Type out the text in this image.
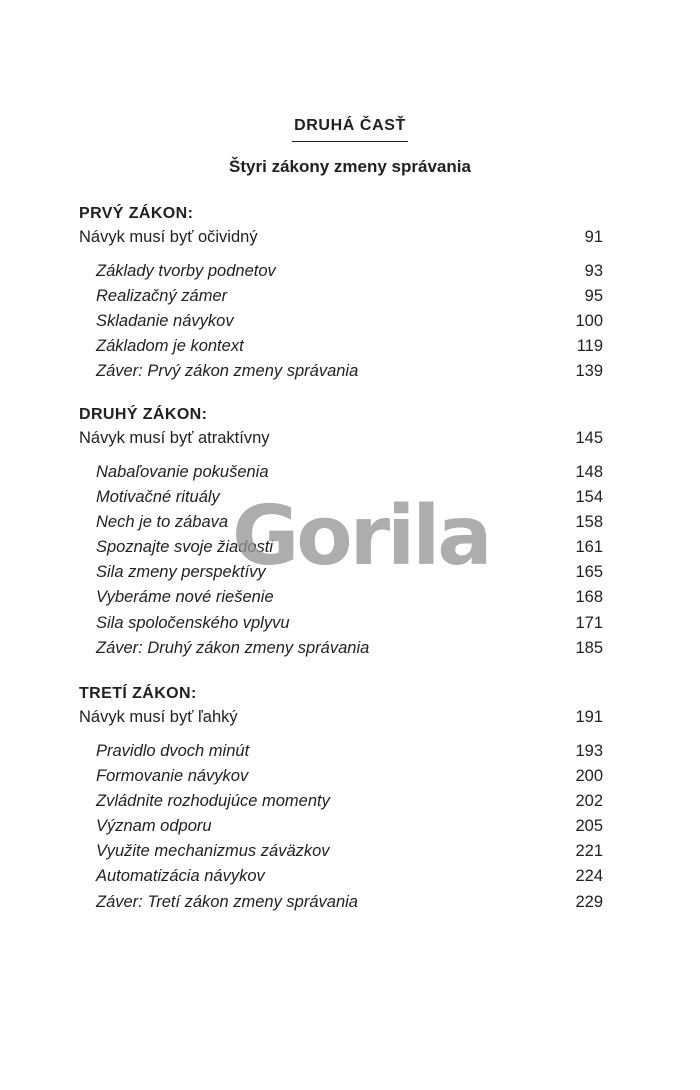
DRUHÁ ČASŤ
Štyri zákony zmeny správania
PRVÝ ZÁKON:
Návyk musí byť očividný	91
Základy tvorby podnetov	93
Realizačný zámer	95
Skladanie návykov	100
Základom je kontext	119
Záver: Prvý zákon zmeny správania	139
DRUHÝ ZÁKON:
Návyk musí byť atraktívny	145
Nabaľovanie pokušenia	148
Motivačné rituály	154
Nech je to zábava	158
Spoznajte svoje žiadosti	161
Sila zmeny perspektívy	165
Vyberáme nové riešenie	168
Sila spoločenského vplyvu	171
Záver: Druhý zákon zmeny správania	185
TRETÍ ZÁKON:
Návyk musí byť ľahký	191
Pravidlo dvoch minút	193
Formovanie návykov	200
Zvládnite rozhodujúce momenty	202
Význam odporu	205
Využite mechanizmus záväzkov	221
Automatizácia návykov	224
Záver: Tretí zákon zmeny správania	229
Gorila
